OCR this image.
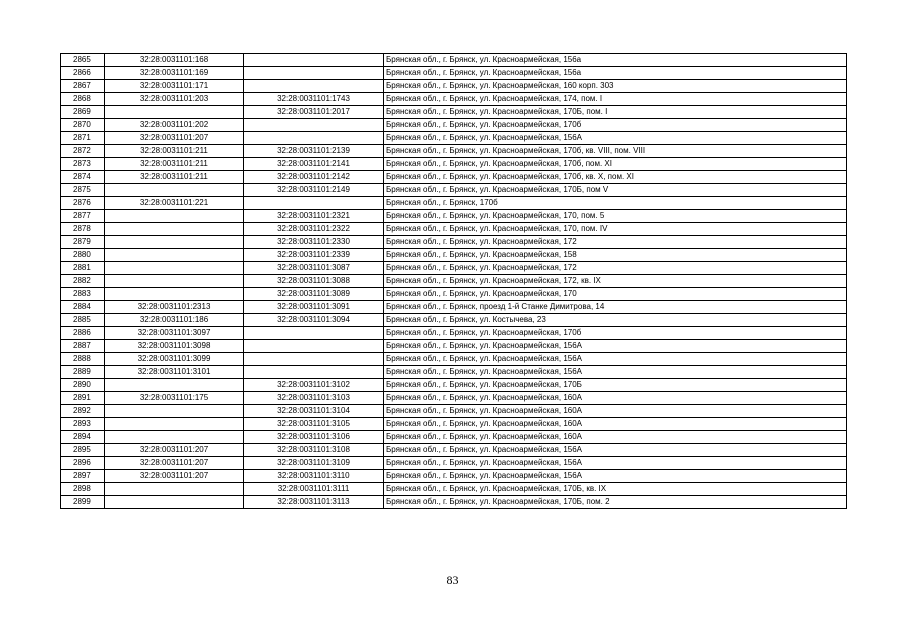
2865	32:28:0031101:168		Брянская обл., г. Брянск, ул. Красноармейская, 156а
2866	32:28:0031101:169		Брянская обл., г. Брянск, ул. Красноармейская, 156а
2867	32:28:0031101:171		Брянская обл., г. Брянск, ул. Красноармейская, 160 корп. 303
2868	32:28:0031101:203	32:28:0031101:1743	Брянская обл., г. Брянск, ул. Красноармейская, 174, пом. I
2869		32:28:0031101:2017	Брянская обл., г. Брянск, ул. Красноармейская, 170Б, пом. I
2870	32:28:0031101:202		Брянская обл., г. Брянск, ул. Красноармейская, 170б
2871	32:28:0031101:207		Брянская обл., г. Брянск, ул. Красноармейская, 156А
2872	32:28:0031101:211	32:28:0031101:2139	Брянская обл., г. Брянск, ул. Красноармейская, 170б, кв. VIII, пом. VIII
2873	32:28:0031101:211	32:28:0031101:2141	Брянская обл., г. Брянск, ул. Красноармейская, 170б, пом. XI
2874	32:28:0031101:211	32:28:0031101:2142	Брянская обл., г. Брянск, ул. Красноармейская, 170б, кв. X, пом. XI
2875		32:28:0031101:2149	Брянская обл., г. Брянск, ул. Красноармейская, 170Б, пом V
2876	32:28:0031101:221		Брянская обл., г. Брянск, 170б
2877		32:28:0031101:2321	Брянская обл., г. Брянск, ул. Красноармейская, 170, пом. 5
2878		32:28:0031101:2322	Брянская обл., г. Брянск, ул. Красноармейская, 170, пом. IV
2879		32:28:0031101:2330	Брянская обл., г. Брянск, ул. Красноармейская, 172
2880		32:28:0031101:2339	Брянская обл., г. Брянск, ул. Красноармейская, 158
2881		32:28:0031101:3087	Брянская обл., г. Брянск, ул. Красноармейская, 172
2882		32:28:0031101:3088	Брянская обл., г. Брянск, ул. Красноармейская, 172, кв. IX
2883		32:28:0031101:3089	Брянская обл., г. Брянск, ул. Красноармейская, 170
2884	32:28:0031101:2313	32:28:0031101:3091	Брянская обл., г. Брянск, проезд 1-й Станке Димитрова, 14
2885	32:28:0031101:186	32:28:0031101:3094	Брянская обл., г. Брянск, ул. Костычева, 23
2886	32:28:0031101:3097		Брянская обл., г. Брянск, ул. Красноармейская, 170б
2887	32:28:0031101:3098		Брянская обл., г. Брянск, ул. Красноармейская, 156А
2888	32:28:0031101:3099		Брянская обл., г. Брянск, ул. Красноармейская, 156А
2889	32:28:0031101:3101		Брянская обл., г. Брянск, ул. Красноармейская, 156А
2890		32:28:0031101:3102	Брянская обл., г. Брянск, ул. Красноармейская, 170Б
2891	32:28:0031101:175	32:28:0031101:3103	Брянская обл., г. Брянск, ул. Красноармейская, 160А
2892		32:28:0031101:3104	Брянская обл., г. Брянск, ул. Красноармейская, 160А
2893		32:28:0031101:3105	Брянская обл., г. Брянск, ул. Красноармейская, 160А
2894		32:28:0031101:3106	Брянская обл., г. Брянск, ул. Красноармейская, 160А
2895	32:28:0031101:207	32:28:0031101:3108	Брянская обл., г. Брянск, ул. Красноармейская, 156А
2896	32:28:0031101:207	32:28:0031101:3109	Брянская обл., г. Брянск, ул. Красноармейская, 156А
2897	32:28:0031101:207	32:28:0031101:3110	Брянская обл., г. Брянск, ул. Красноармейская, 156А
2898		32:28:0031101:3111	Брянская обл., г. Брянск, ул. Красноармейская, 170Б, кв. IX
2899		32:28:0031101:3113	Брянская обл., г. Брянск, ул. Красноармейская, 170Б, пом. 2
83
